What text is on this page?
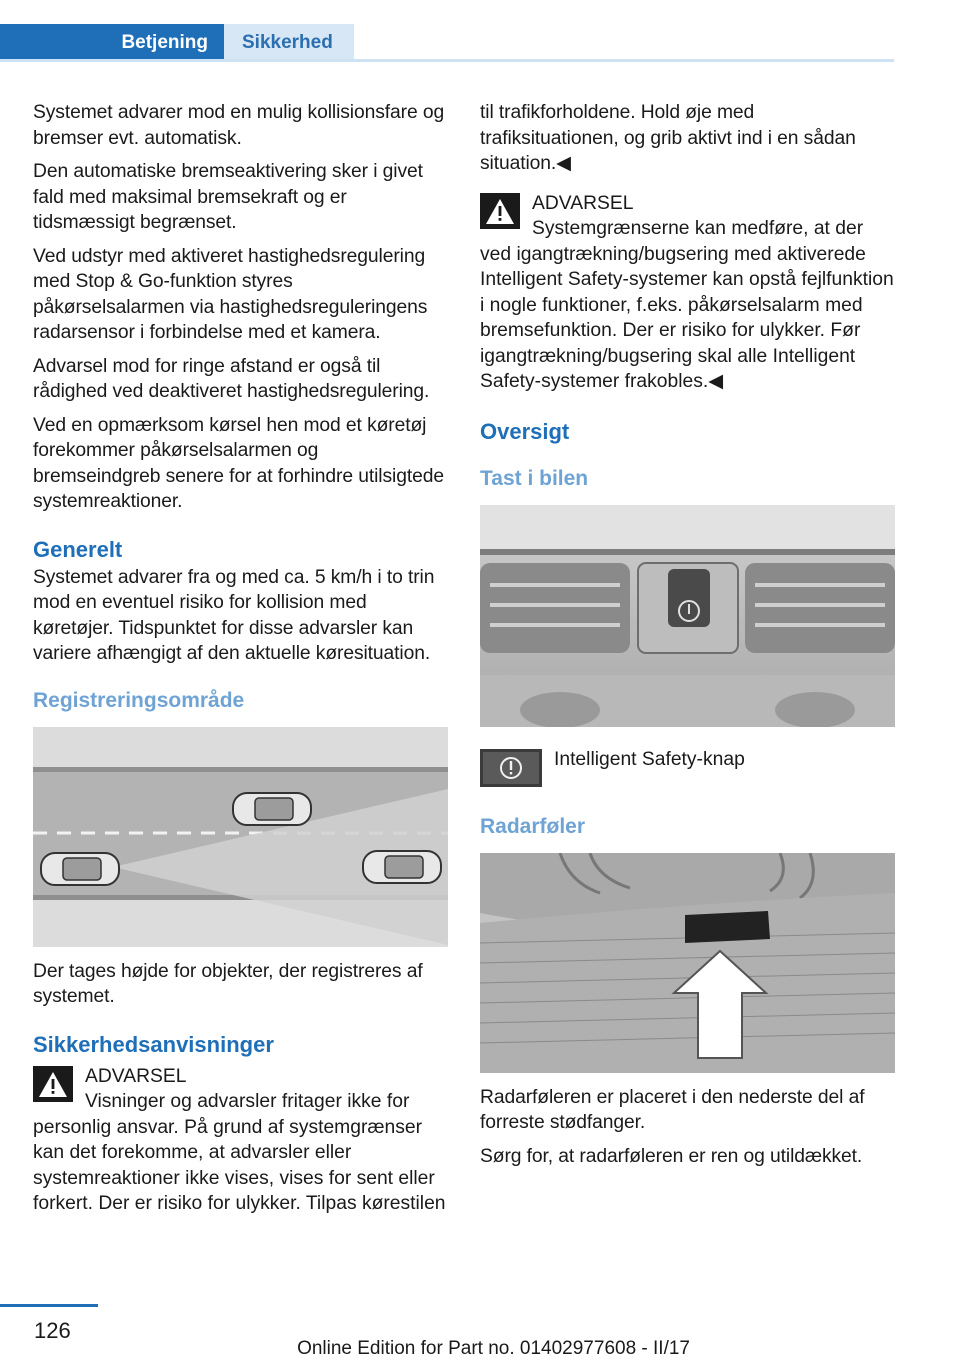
Betjening	Sikkerhed

Systemet advarer mod en mulig kollisionsfare og bremser evt. automatisk.

Den automatiske bremseaktivering sker i givet fald med maksimal bremsekraft og er tidsmæssigt begrænset.

Ved udstyr med aktiveret hastighedsregulering med Stop & Go-funktion styres påkørselsalarmen via hastighedsreguleringens radarsensor i forbindelse med et kamera.

Advarsel mod for ringe afstand er også til rådighed ved deaktiveret hastighedsregulering.

Ved en opmærksom kørsel hen mod et køretøj forekommer påkørselsalarmen og bremseindgreb senere for at forhindre utilsigtede systemreaktioner.

Generelt

Systemet advarer fra og med ca. 5 km/h i to trin mod en eventuel risiko for kollision med køretøjer. Tidspunktet for disse advarsler kan variere afhængigt af den aktuelle køresituation.

Registreringsområde

Der tages højde for objekter, der registreres af systemet.

Sikkerhedsanvisninger
ADVARSEL

Visninger og advarsler fritager ikke for personlig ansvar. På grund af systemgrænser kan det forekomme, at advarsler eller systemreaktioner ikke vises, vises for sent eller forkert. Der er risiko for ulykker. Tilpas kørestilen

til trafikforholdene. Hold øje med trafiksituationen, og grib aktivt ind i en sådan situation.◀

ADVARSEL

Systemgrænserne kan medføre, at der ved igangtrækning/bugsering med aktiverede Intelligent Safety-systemer kan opstå fejlfunktion i nogle funktioner, f.eks. påkørselsalarm med bremsefunktion. Der er risiko for ulykker. Før igangtrækning/bugsering skal alle Intelligent Safety-systemer frakobles.◀

Oversigt
Tast i bilen
Intelligent Safety-knap
Radarføler

Radarføleren er placeret i den nederste del af forreste stødfanger.

Sørg for, at radarføleren er ren og utildækket.

126
Online Edition for Part no. 01402977608 - II/17
